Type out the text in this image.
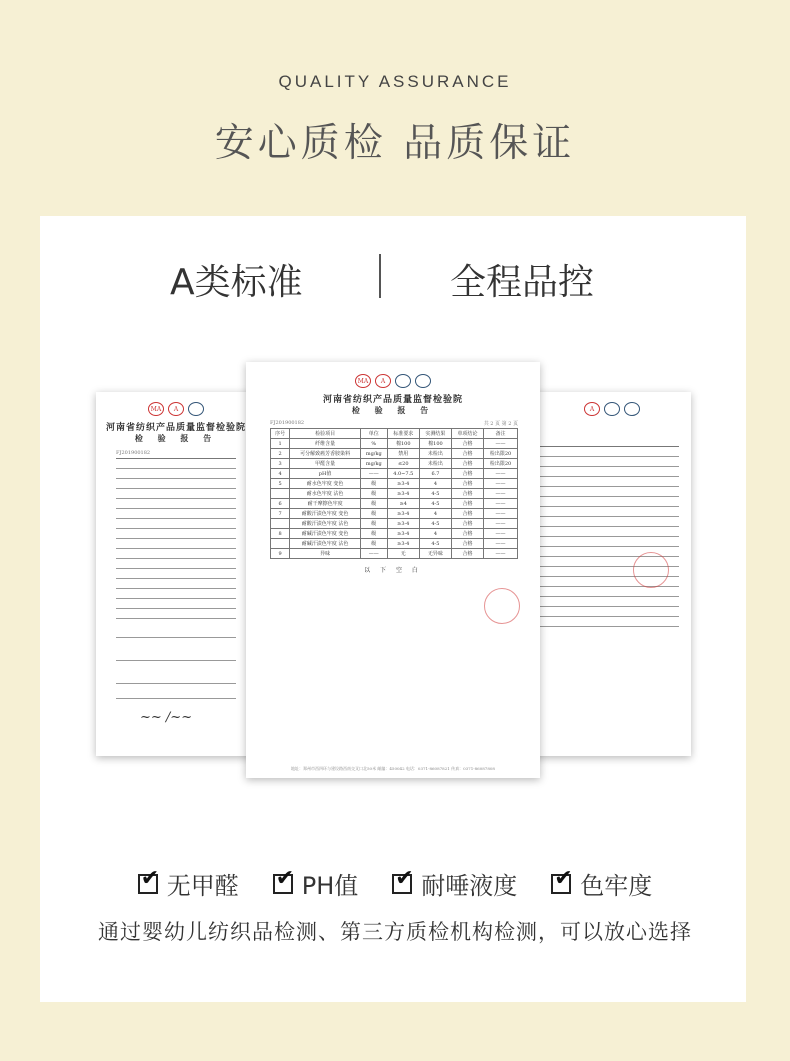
QUALITY ASSURANCE
安心质检 品质保证
A类标准	全程品控
MA	A
河南省纺织产品质量监督检验院
检 验 报 告
FJ201900182
~~ ∕~~
A
MA	A
河南省纺织产品质量监督检验院
检 验 报 告
FJ201900182	共 2 页 第 2 页
序号	检验项目	单位	标准要求	实测结果	单项结论	备注
1	纤维含量	%	棉100	棉100	合格	——
2	可分解致癌芳香胺染料	mg/kg	禁用	未检出	合格	检出限20
3	甲醛含量	mg/kg	≤20	未检出	合格	检出限20
4	pH值	——	4.0~7.5	6.7	合格	——
5	耐水色牢度 变色	级	≥3-4	4	合格	——
	耐水色牢度 沾色	级	≥3-4	4-5	合格	——
6	耐干摩擦色牢度	级	≥4	4-5	合格	——
7	耐酸汗渍色牢度 变色	级	≥3-4	4	合格	——
	耐酸汗渍色牢度 沾色	级	≥3-4	4-5	合格	——
8	耐碱汗渍色牢度 变色	级	≥3-4	4	合格	——
	耐碱汗渍色牢度 沾色	级	≥3-4	4-5	合格	——
9	异味	——	无	无异味	合格	——
以 下 空 白
地址：郑州市西四环与建设路西南交叉口北50米 邮编：450042 电话：0371-86087821 传真：0371-86087808
✔
无甲醛 ✔	PH值 ✔	耐唾液度 ✔	色牢度
通过婴幼儿纺织品检测、第三方质检机构检测，可以放心选择
